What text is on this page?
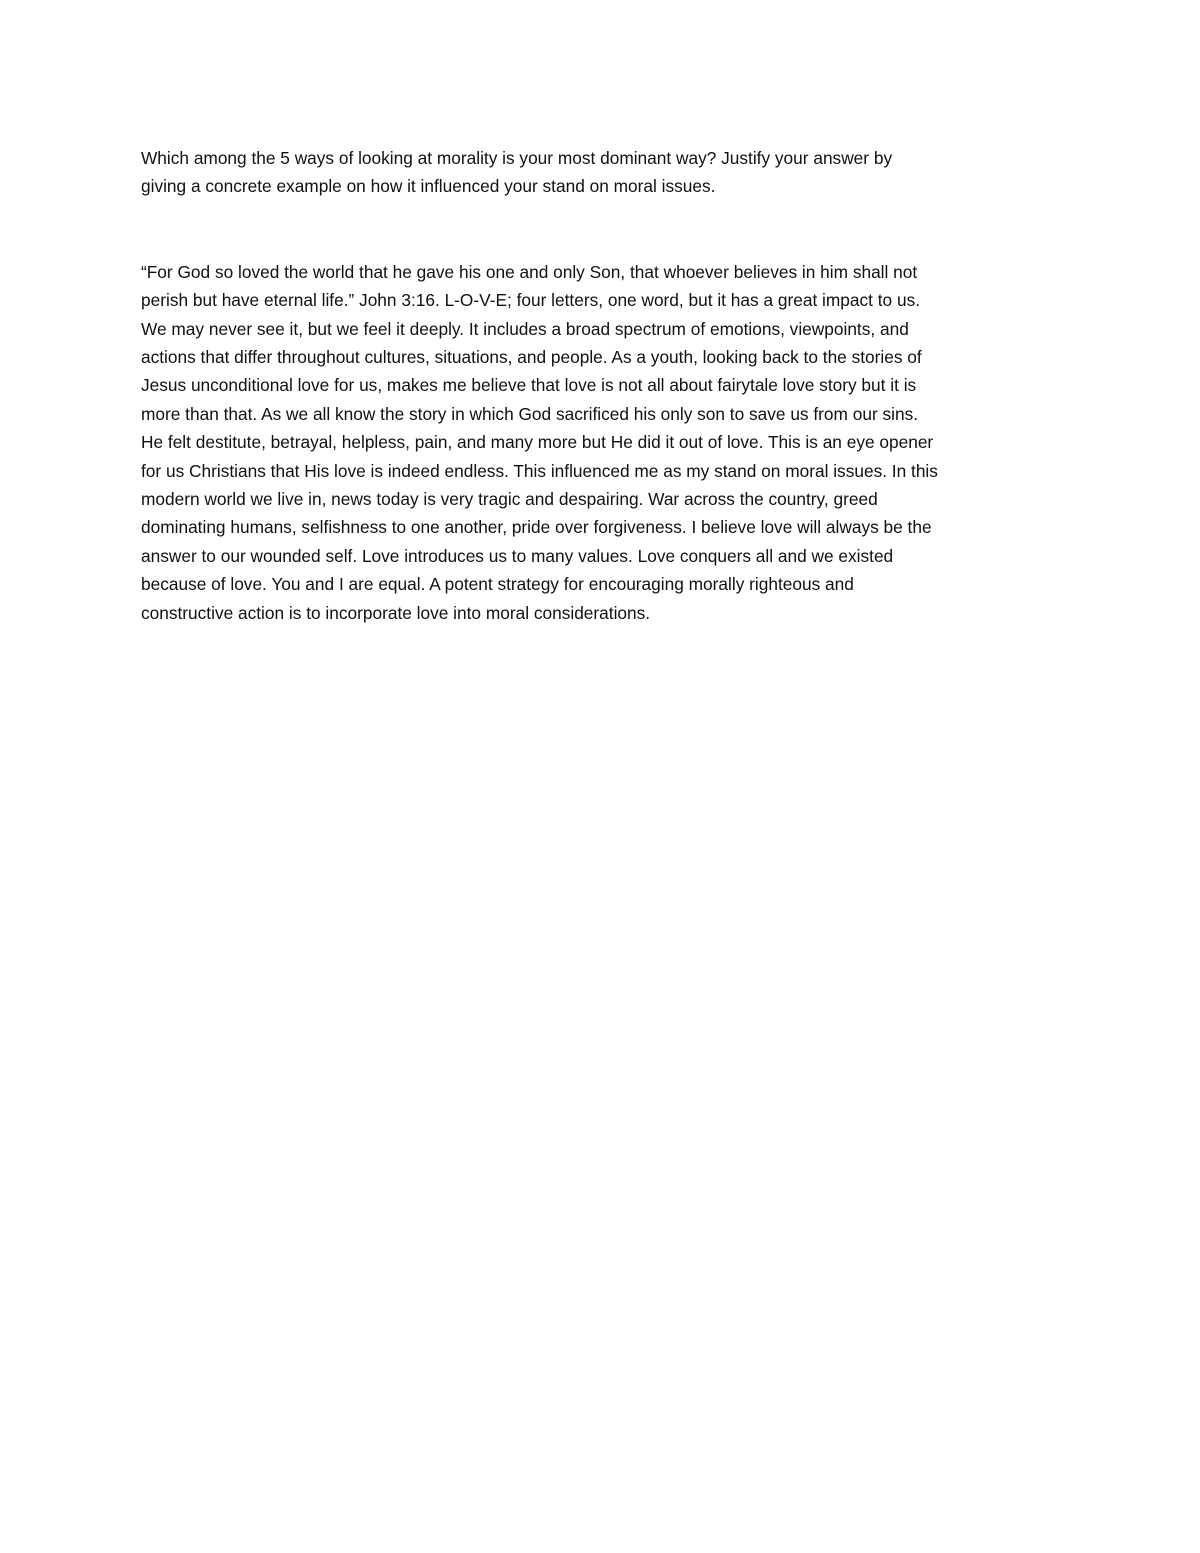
Which among the 5 ways of looking at morality is your most dominant way? Justify your answer by
giving a concrete example on how it influenced your stand on moral issues.

“For God so loved the world that he gave his one and only Son, that whoever believes in him shall not
perish but have eternal life.” John 3:16. L-O-V-E; four letters, one word, but it has a great impact to us.
We may never see it, but we feel it deeply. It includes a broad spectrum of emotions, viewpoints, and
actions that differ throughout cultures, situations, and people. As a youth, looking back to the stories of
Jesus unconditional love for us, makes me believe that love is not all about fairytale love story but it is
more than that. As we all know the story in which God sacrificed his only son to save us from our sins.
He felt destitute, betrayal, helpless, pain, and many more but He did it out of love. This is an eye opener
for us Christians that His love is indeed endless. This influenced me as my stand on moral issues. In this
modern world we live in, news today is very tragic and despairing. War across the country, greed
dominating humans, selfishness to one another, pride over forgiveness. I believe love will always be the
answer to our wounded self. Love introduces us to many values. Love conquers all and we existed
because of love. You and I are equal. A potent strategy for encouraging morally righteous and
constructive action is to incorporate love into moral considerations.
